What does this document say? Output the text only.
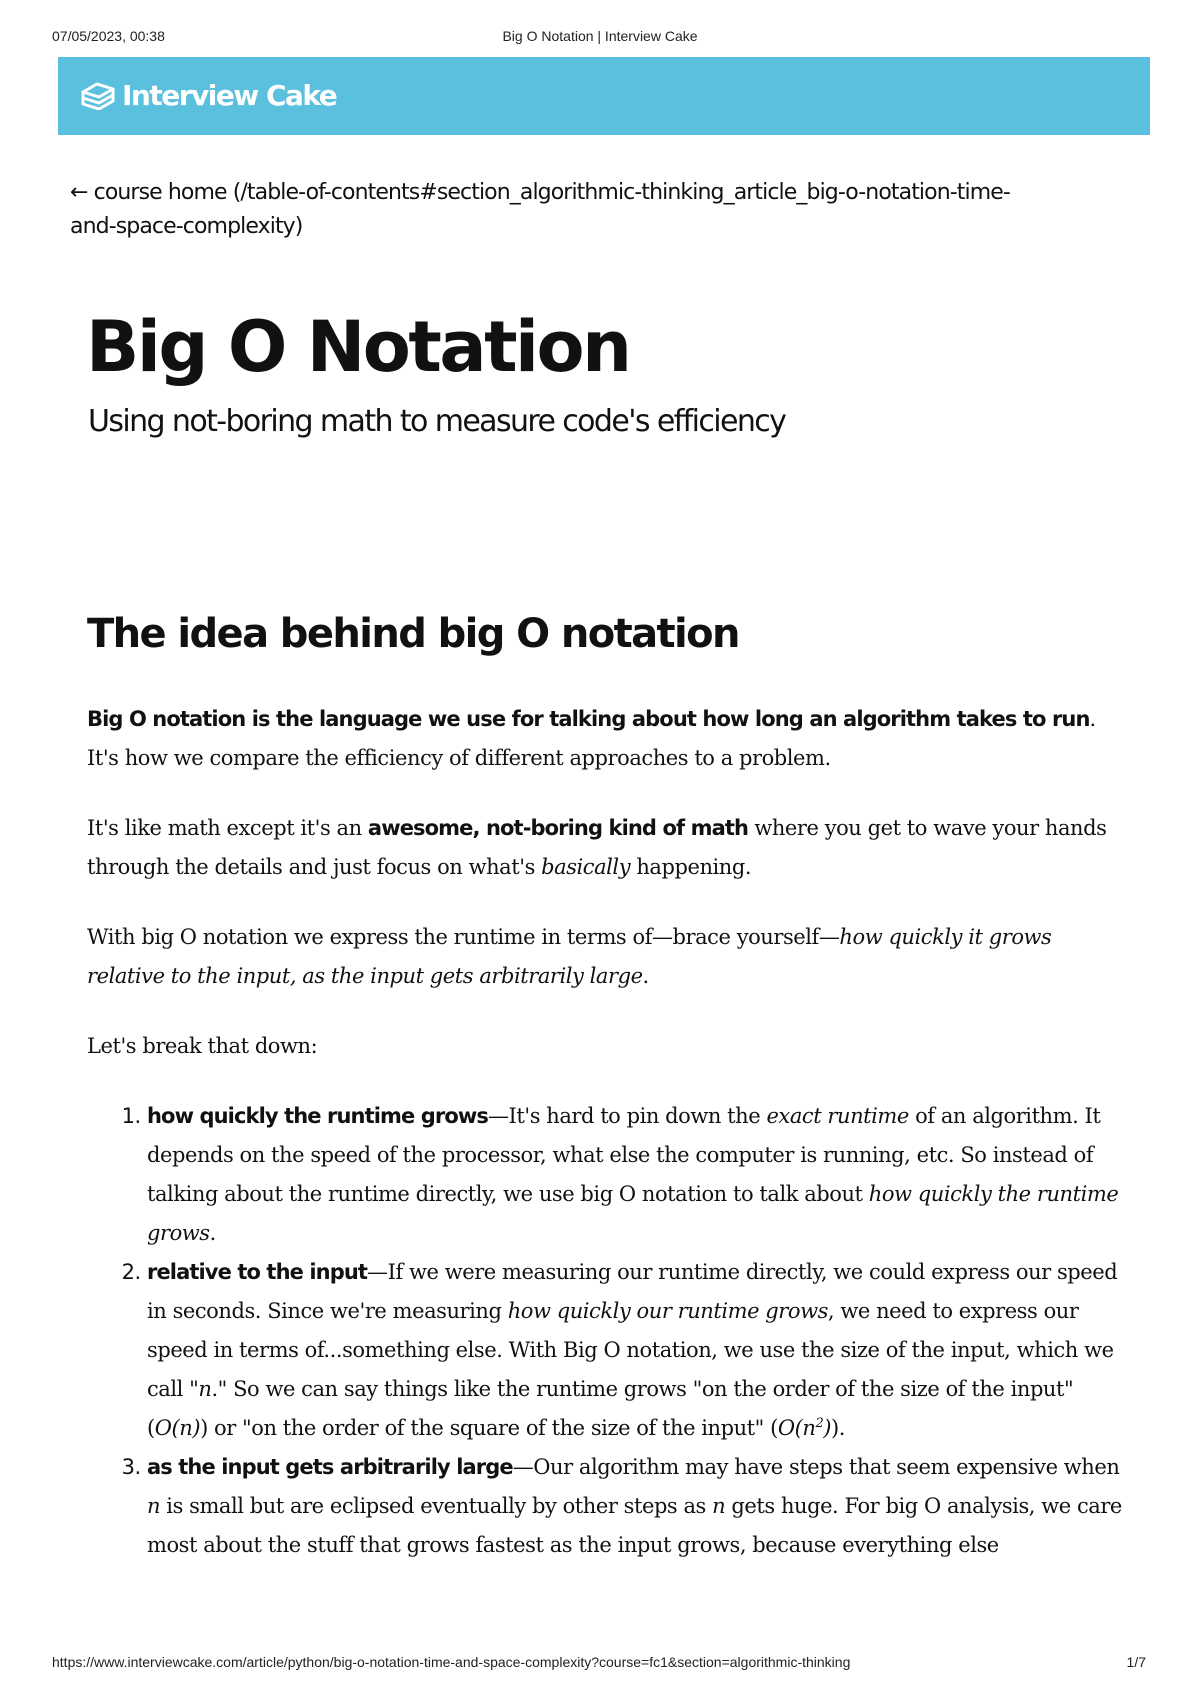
07/05/2023, 00:38	Big O Notation | Interview Cake
Interview Cake
← course home (/table-of-contents#section_algorithmic-thinking_article_big-o-notation-time-
and-space-complexity)
Big O Notation
Using not-boring math to measure code's efficiency
The idea behind big O notation

Big O notation is the language we use for talking about how long an algorithm takes to run. It's how we compare the efficiency of different approaches to a problem.

It's like math except it's an awesome, not-boring kind of math where you get to wave your hands through the details and just focus on what's basically happening.

With big O notation we express the runtime in terms of—brace yourself—how quickly it grows relative to the input, as the input gets arbitrarily large.

Let's break that down:

1. how quickly the runtime grows—It's hard to pin down the exact runtime of an algorithm. It depends on the speed of the processor, what else the computer is running, etc. So instead of talking about the runtime directly, we use big O notation to talk about how quickly the runtime grows.
2. relative to the input—If we were measuring our runtime directly, we could express our speed in seconds. Since we're measuring how quickly our runtime grows, we need to express our speed in terms of...something else. With Big O notation, we use the size of the input, which we call "n." So we can say things like the runtime grows "on the order of the size of the input" (O(n)) or "on the order of the square of the size of the input" $(O(n^2))$.
3. as the input gets arbitrarily large—Our algorithm may have steps that seem expensive when n is small but are eclipsed eventually by other steps as n gets huge. For big O analysis, we care most about the stuff that grows fastest as the input grows, because everything else
https://www.interviewcake.com/article/python/big-o-notation-time-and-space-complexity?course=fc1&section=algorithmic-thinking	1/7
